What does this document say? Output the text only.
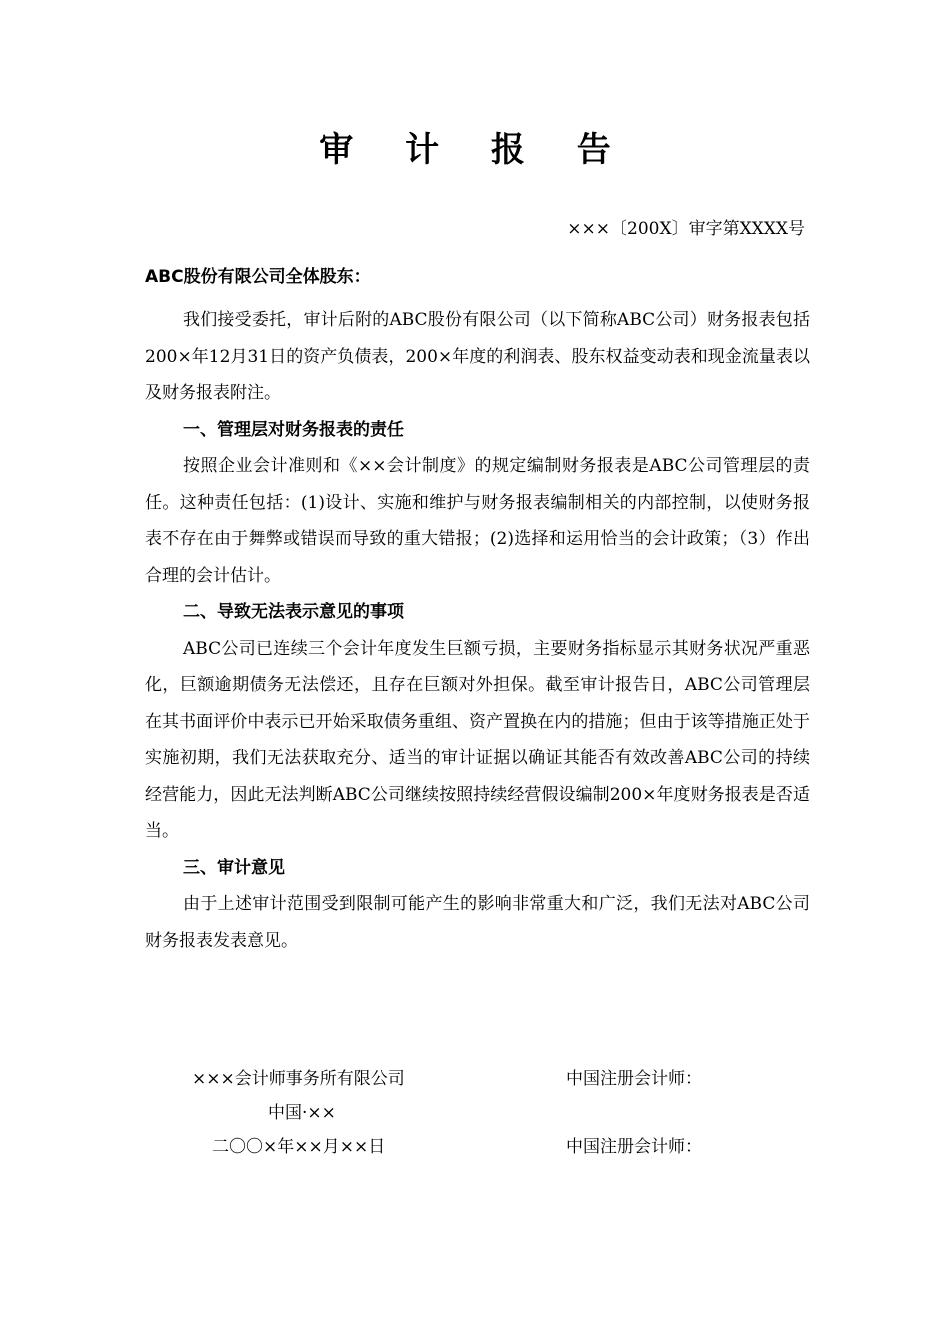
审 计 报 告
×××〔200X〕审字第XXXX号
ABC股份有限公司全体股东：

我们接受委托，审计后附的ABC股份有限公司（以下简称ABC公司）财务报表包括200×年12月31日的资产负债表，200×年度的利润表、股东权益变动表和现金流量表以及财务报表附注。

一、管理层对财务报表的责任

按照企业会计准则和《××会计制度》的规定编制财务报表是ABC公司管理层的责任。这种责任包括：(1)设计、实施和维护与财务报表编制相关的内部控制，以使财务报表不存在由于舞弊或错误而导致的重大错报；(2)选择和运用恰当的会计政策；（3）作出合理的会计估计。

二、导致无法表示意见的事项

ABC公司已连续三个会计年度发生巨额亏损，主要财务指标显示其财务状况严重恶化，巨额逾期债务无法偿还，且存在巨额对外担保。截至审计报告日，ABC公司管理层在其书面评价中表示已开始采取债务重组、资产置换在内的措施；但由于该等措施正处于实施初期，我们无法获取充分、适当的审计证据以确证其能否有效改善ABC公司的持续经营能力，因此无法判断ABC公司继续按照持续经营假设编制200×年度财务报表是否适当。

三、审计意见

由于上述审计范围受到限制可能产生的影响非常重大和广泛，我们无法对ABC公司财务报表发表意见。

×××会计师事务所有限公司
中国·××
二〇〇×年××月××日
中国注册会计师：
中国注册会计师：
